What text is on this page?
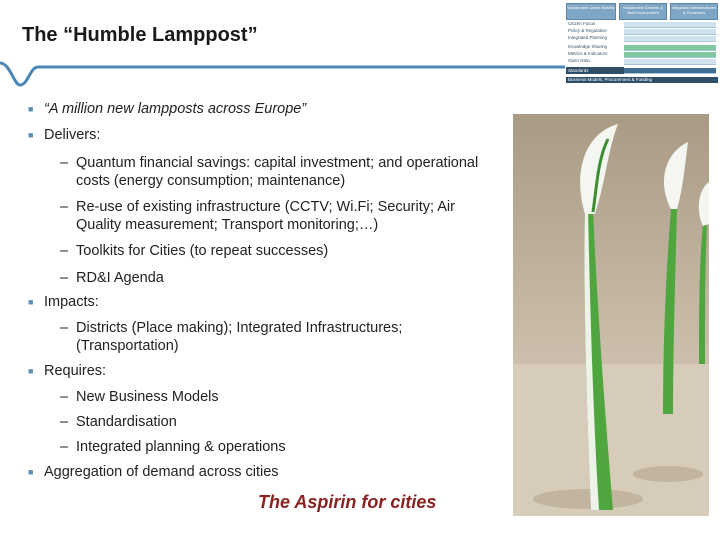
The “Humble Lamppost”
Sustainable Urban Mobility	Sustainable Districts & Built Environment
Integrated Infrastructures & Processes
Citizen Focus
Policy & Regulation
Integrated Planning
Knowledge Sharing
Metrics & Indicators
Open Data
Standards
Business Models, Procurement & Funding
■ “A million new lampposts across Europe”
■ Delivers:
– Quantum financial savings: capital investment; and operational costs (energy consumption; maintenance)
– Re-use of existing infrastructure (CCTV; Wi.Fi; Security; Air Quality measurement; Transport monitoring;…)
– Toolkits for Cities (to repeat successes)
– RD&I Agenda
■ Impacts:
– Districts (Place making); Integrated Infrastructures; (Transportation)
■ Requires:
– New Business Models
– Standardisation
– Integrated planning & operations
■ Aggregation of demand across cities
The Aspirin for cities
